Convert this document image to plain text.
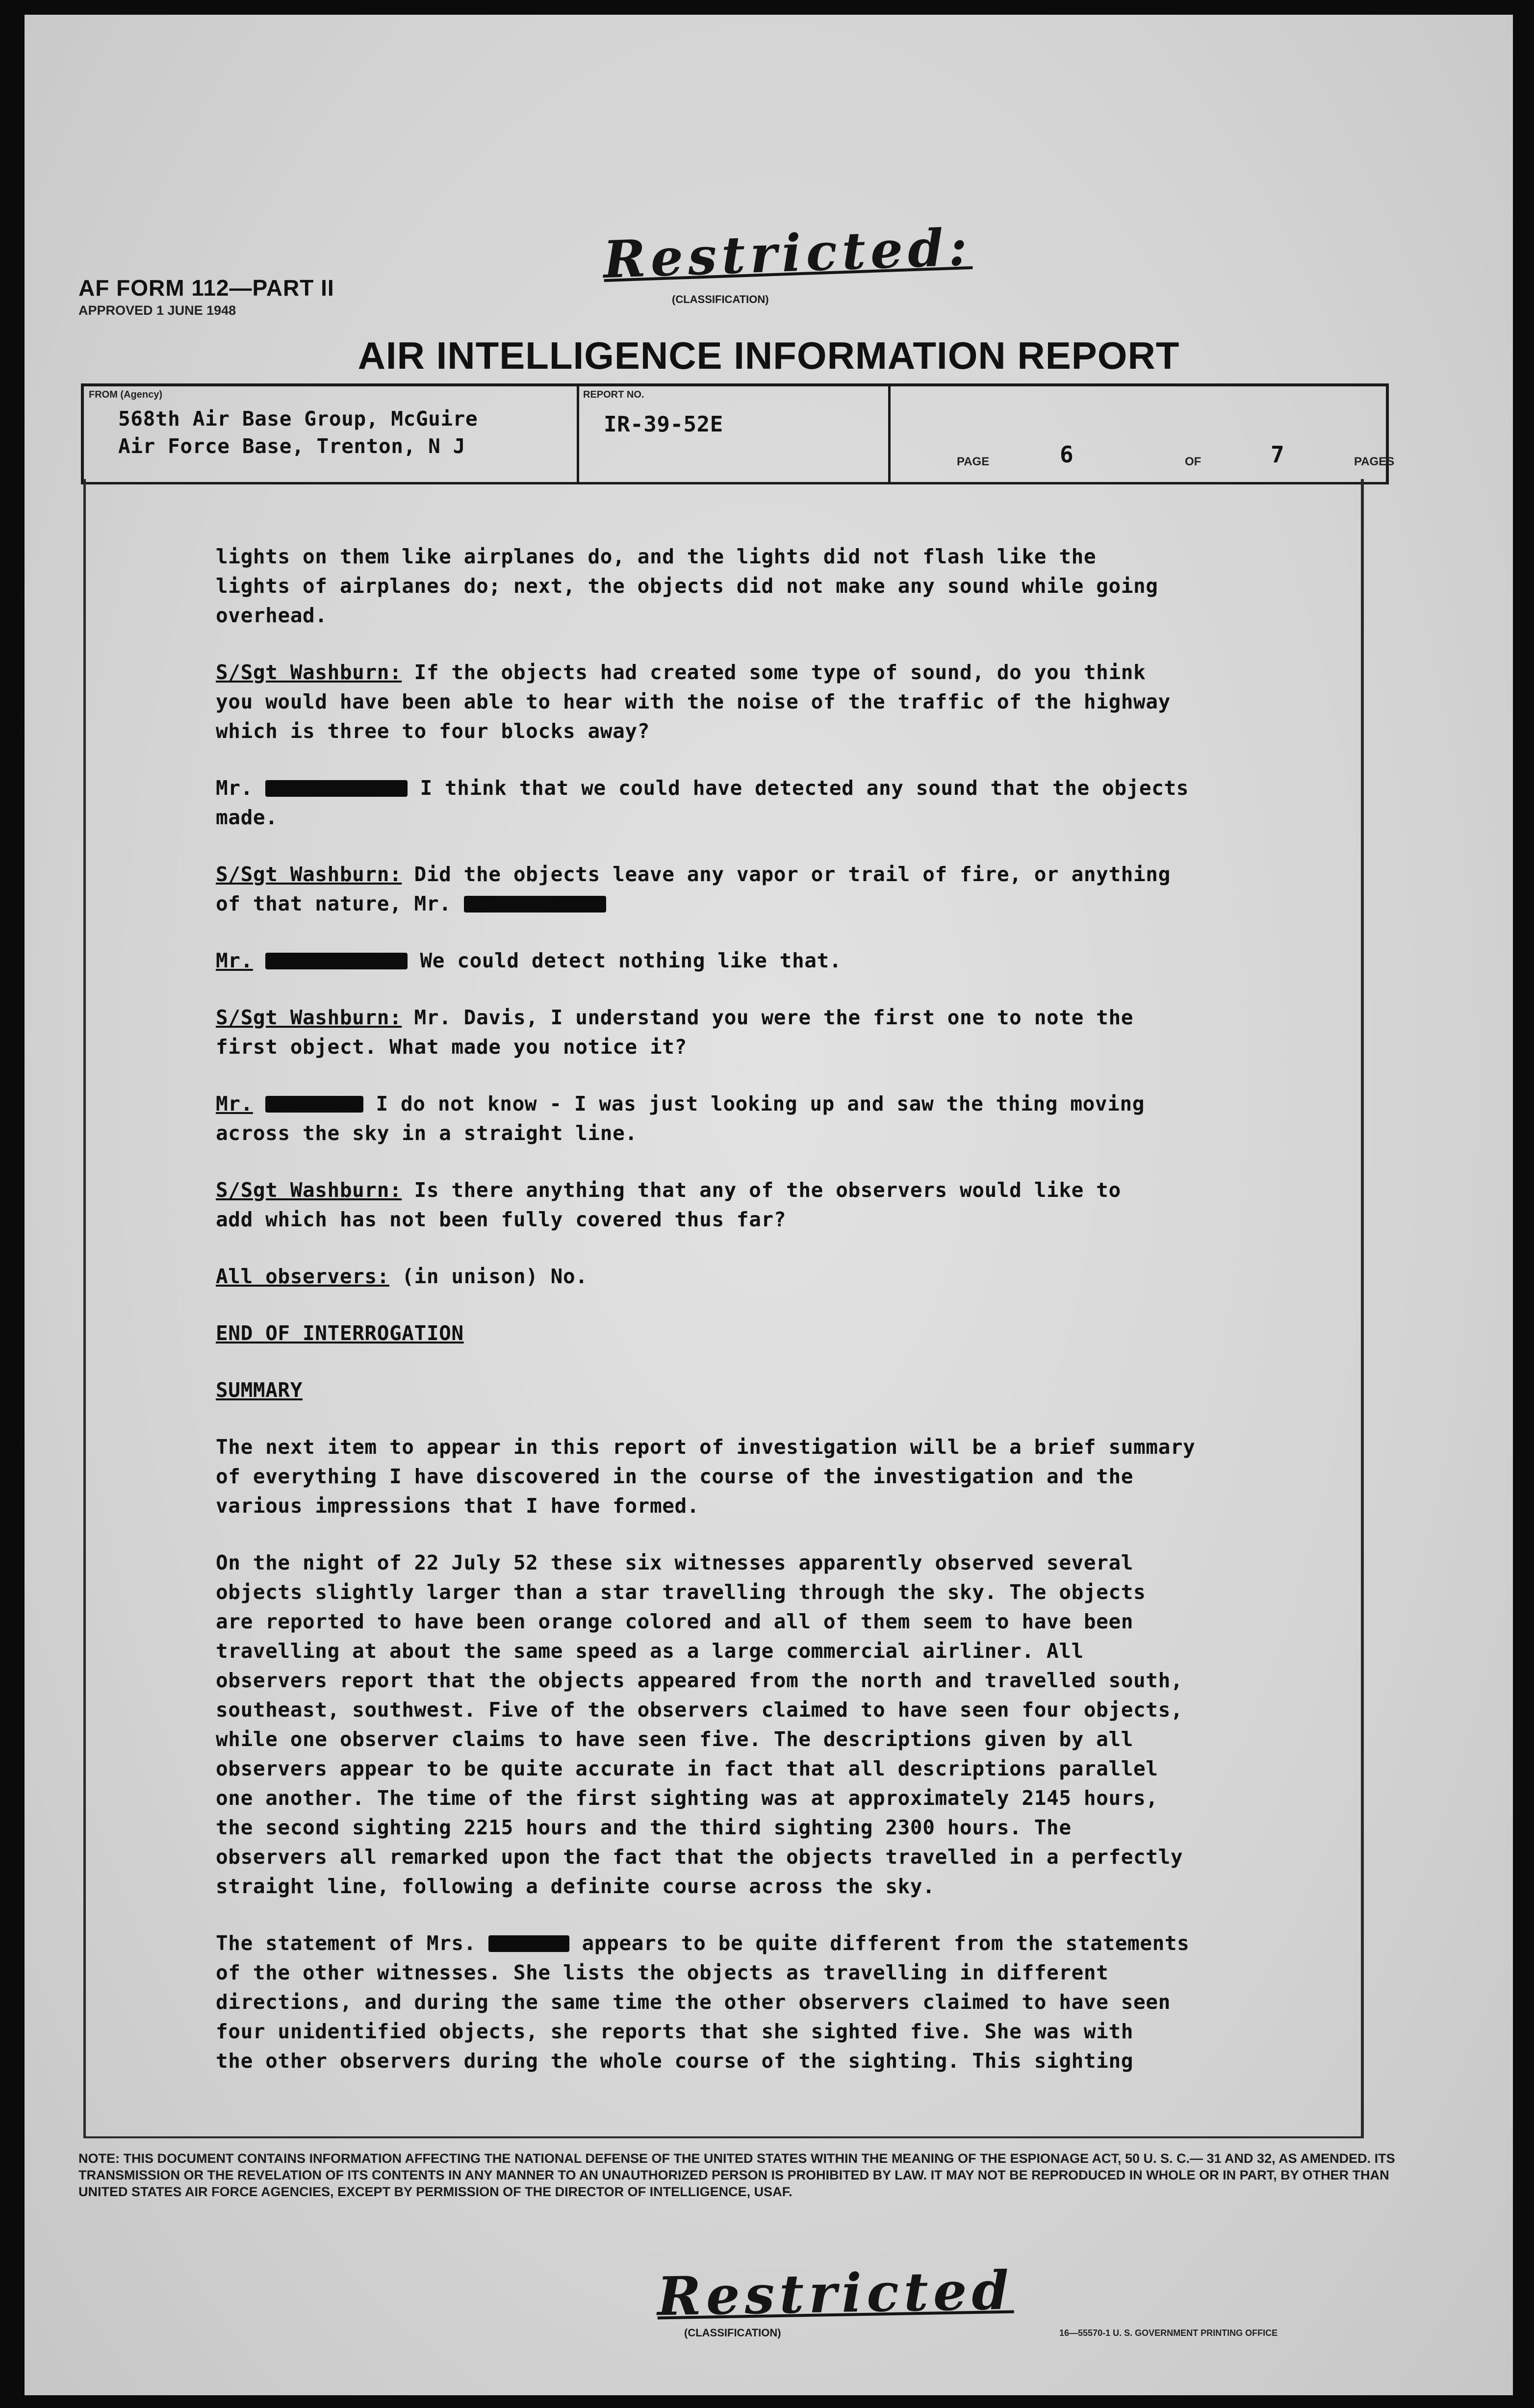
Restricted:
(CLASSIFICATION)
AF FORM 112—PART II
APPROVED 1 JUNE 1948
AIR INTELLIGENCE INFORMATION REPORT
FROM (Agency)
568th Air Base Group, McGuire
Air Force Base, Trenton, N J
REPORT NO.
IR-39-52E
PAGE	6	OF	7	PAGES
lights on them like airplanes do, and the lights did not flash like the
lights of airplanes do; next, the objects did not make any sound while going
overhead.
S/Sgt Washburn: If the objects had created some type of sound, do you think
you would have been able to hear with the noise of the traffic of the highway
which is three to four blocks away?
Mr.	I think that we could have detected any sound that the objects
made.
S/Sgt Washburn: Did the objects leave any vapor or trail of fire, or anything
of that nature, Mr.
Mr.	We could detect nothing like that.
S/Sgt Washburn: Mr. Davis, I understand you were the first one to note the
first object. What made you notice it?
Mr.	I do not know - I was just looking up and saw the thing moving
across the sky in a straight line.
S/Sgt Washburn: Is there anything that any of the observers would like to
add which has not been fully covered thus far?
All observers: (in unison) No.
END OF INTERROGATION
SUMMARY
The next item to appear in this report of investigation will be a brief summary
of everything I have discovered in the course of the investigation and the
various impressions that I have formed.
On the night of 22 July 52 these six witnesses apparently observed several
objects slightly larger than a star travelling through the sky. The objects
are reported to have been orange colored and all of them seem to have been
travelling at about the same speed as a large commercial airliner. All
observers report that the objects appeared from the north and travelled south,
southeast, southwest. Five of the observers claimed to have seen four objects,
while one observer claims to have seen five. The descriptions given by all
observers appear to be quite accurate in fact that all descriptions parallel
one another. The time of the first sighting was at approximately 2145 hours,
the second sighting 2215 hours and the third sighting 2300 hours. The
observers all remarked upon the fact that the objects travelled in a perfectly
straight line, following a definite course across the sky.
The statement of Mrs.	appears to be quite different from the statements
of the other witnesses. She lists the objects as travelling in different
directions, and during the same time the other observers claimed to have seen
four unidentified objects, she reports that she sighted five. She was with
the other observers during the whole course of the sighting. This sighting
NOTE: THIS DOCUMENT CONTAINS INFORMATION AFFECTING THE NATIONAL DEFENSE OF THE UNITED STATES WITHIN THE MEANING OF THE ESPIONAGE ACT, 50 U. S. C.— 31 AND 32, AS AMENDED. ITS TRANSMISSION OR THE REVELATION OF ITS CONTENTS IN ANY MANNER TO AN UNAUTHORIZED PERSON IS PROHIBITED BY LAW. IT MAY NOT BE REPRODUCED IN WHOLE OR IN PART, BY OTHER THAN UNITED STATES AIR FORCE AGENCIES, EXCEPT BY PERMISSION OF THE DIRECTOR OF INTELLIGENCE, USAF.
Restricted
(CLASSIFICATION)	16—55570-1 U. S. GOVERNMENT PRINTING OFFICE
